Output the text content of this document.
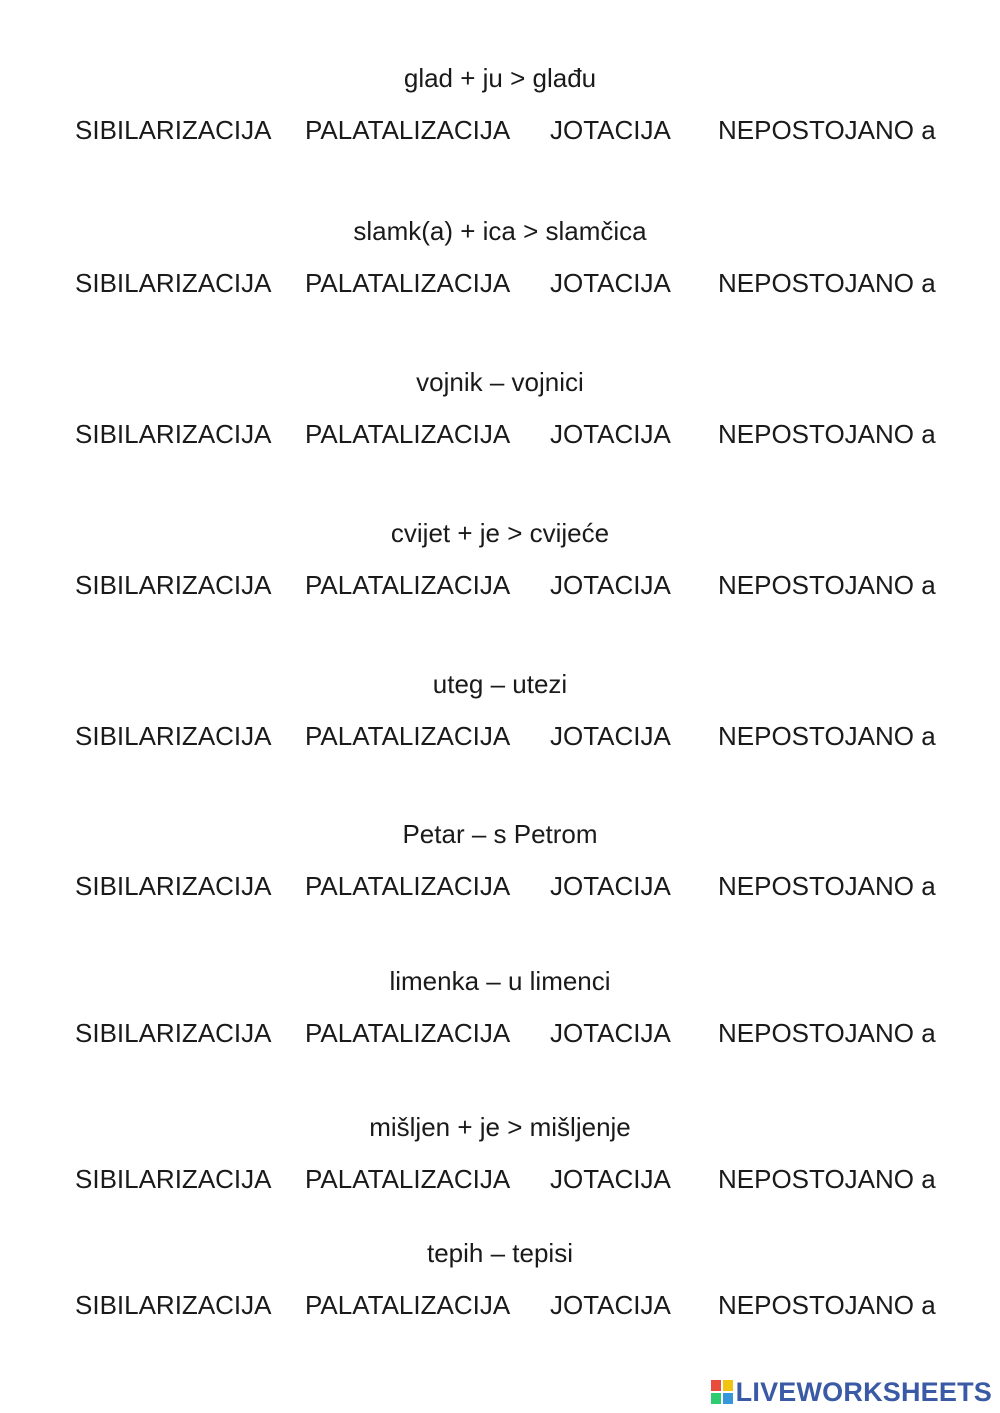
glad + ju > glađu
SIBILARIZACIJA PALATALIZACIJA JOTACIJA NEPOSTOJANO a
slamk(a) + ica > slamčica
SIBILARIZACIJA PALATALIZACIJA JOTACIJA NEPOSTOJANO a
vojnik – vojnici
SIBILARIZACIJA PALATALIZACIJA JOTACIJA NEPOSTOJANO a
cvijet + je > cvijeće
SIBILARIZACIJA PALATALIZACIJA JOTACIJA NEPOSTOJANO a
uteg – utezi
SIBILARIZACIJA PALATALIZACIJA JOTACIJA NEPOSTOJANO a
Petar – s Petrom
SIBILARIZACIJA PALATALIZACIJA JOTACIJA NEPOSTOJANO a
limenka – u limenci
SIBILARIZACIJA PALATALIZACIJA JOTACIJA NEPOSTOJANO a
mišljen + je > mišljenje
SIBILARIZACIJA PALATALIZACIJA JOTACIJA NEPOSTOJANO a
tepih – tepisi
SIBILARIZACIJA PALATALIZACIJA JOTACIJA NEPOSTOJANO a
LIVEWORKSHEETS
